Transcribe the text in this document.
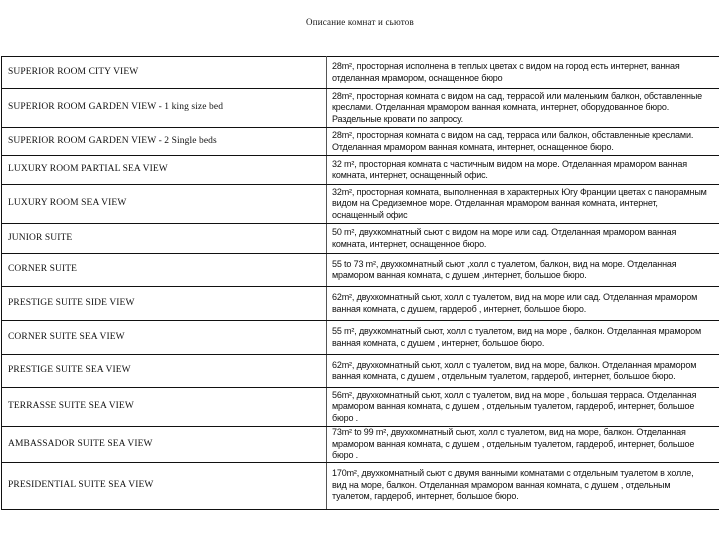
Описание комнат и сьютов
SUPERIOR ROOM CITY VIEW	28m², просторная исполнена в теплых цветах с видом на город есть интернет, ванная отделанная мрамором, оснащенное бюро
SUPERIOR ROOM GARDEN VIEW - 1 king size bed	28m², просторная комната с видом на сад, террасой или маленьким балкон, обставленные креслами. Отделанная мрамором ванная комната, интернет, оборудованное бюро. Раздельные кровати по запросу.
SUPERIOR ROOM GARDEN VIEW - 2 Single beds	28m², просторная комната с видом на сад, терраса или балкон, обставленные креслами. Отделанная мрамором ванная комната, интернет, оснащенное бюро.
LUXURY ROOM PARTIAL SEA VIEW	32 m², просторная комната с частичным видом на море. Отделанная мрамором ванная комната, интернет, оснащенный офис.
LUXURY ROOM SEA VIEW	32m², просторная комната, выполненная в характерных Югу Франции цветах с панорамным видом на Средиземное море. Отделанная мрамором ванная комната, интернет, оснащенный офис
JUNIOR SUITE	50 m², двухкомнатный сьют с видом на море или сад. Отделанная мрамором ванная комната, интернет, оснащенное бюро.
CORNER SUITE	55 to 73 m², двухкомнатный сьют ,холл с туалетом, балкон, вид на море. Отделанная мрамором ванная комната, с душем ,интернет, большое бюро.
PRESTIGE SUITE SIDE VIEW	62m², двухкомнатный сьют, холл с туалетом, вид на море или сад. Отделанная мрамором ванная комната, с душем, гардероб , интернет, большое бюро.
CORNER SUITE SEA VIEW	55 m², двухкомнатный сьют, холл с туалетом, вид на море , балкон. Отделанная мрамором ванная комната, с душем , интернет, большое бюро.
PRESTIGE SUITE SEA VIEW	62m², двухкомнатный сьют, холл с туалетом, вид на море, балкон. Отделанная мрамором ванная комната, с душем , отдельным туалетом, гардероб, интернет, большое бюро.
TERRASSE SUITE SEA VIEW	56m², двухкомнатный сьют, холл с туалетом, вид на море , большая терраса. Отделанная мрамором ванная комната, с душем , отдельным туалетом, гардероб, интернет, большое бюро .
AMBASSADOR SUITE SEA VIEW	73m² to 99 m², двухкомнатный сьют, холл с туалетом, вид на море, балкон. Отделанная мрамором ванная комната, с душем , отдельным туалетом, гардероб, интернет, большое бюро .
PRESIDENTIAL SUITE SEA VIEW	170m², двухкомнатный сьют с двумя ванными комнатами с отдельным туалетом в холле, вид на море, балкон. Отделанная мрамором ванная комната, с душем , отдельным туалетом, гардероб, интернет, большое бюро.
